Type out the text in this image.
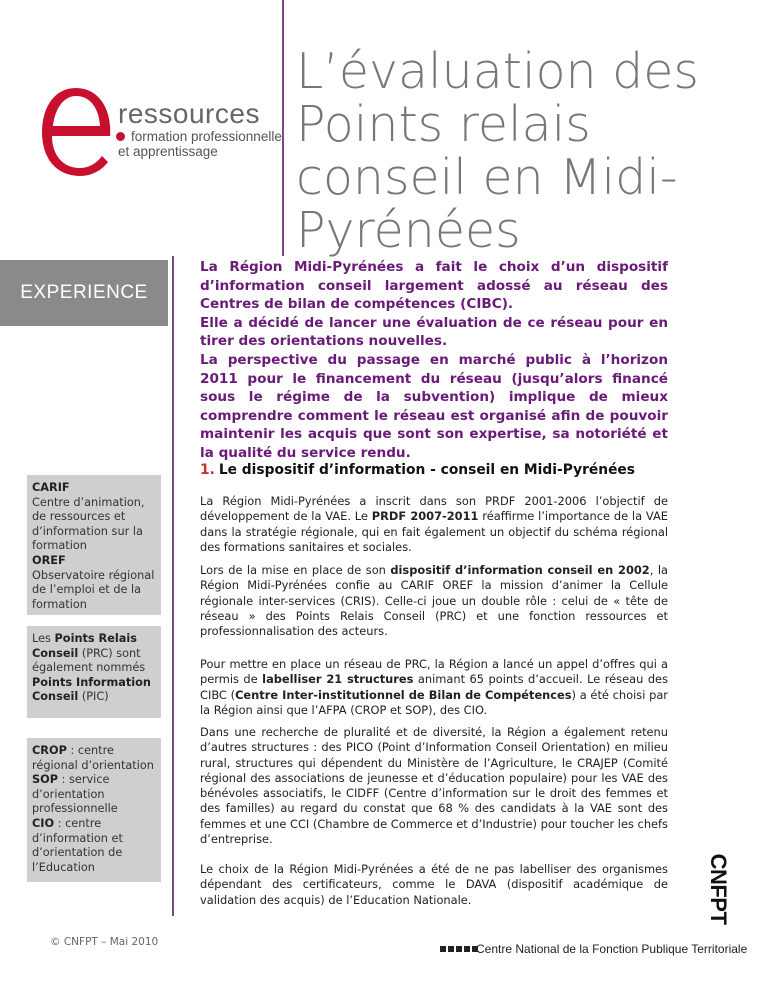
ressources
formation professionnelle
et apprentissage
L’évaluation des
Points relais
conseil en Midi-
Pyrénées
EXPERIENCE

La Région Midi-Pyrénées a fait le choix d’un dispositif d’information conseil largement adossé au réseau des Centres de bilan de compétences (CIBC).

Elle a décidé de lancer une évaluation de ce réseau pour en tirer des orientations nouvelles.

La perspective du passage en marché public à l’horizon 2011 pour le financement du réseau (jusqu’alors financé sous le régime de la subvention) implique de mieux comprendre comment le réseau est organisé afin de pouvoir maintenir les acquis que sont son expertise, sa notoriété et la qualité du service rendu.

CARIF
Centre d’animation, de ressources et d’information sur la formation
OREF
Observatoire régional de l’emploi et de la formation
Les Points Relais Conseil (PRC) sont également nommés Points Information Conseil (PIC)
CROP : centre régional d’orientation
SOP : service d’orientation professionnelle
CIO : centre d’information et d’orientation de l’Education
1. Le dispositif d’information - conseil en Midi-Pyrénées

La Région Midi-Pyrénées a inscrit dans son PRDF 2001-2006 l’objectif de développement de la VAE. Le PRDF 2007-2011 réaffirme l’importance de la VAE dans la stratégie régionale, qui en fait également un objectif du schéma régional des formations sanitaires et sociales.

Lors de la mise en place de son dispositif d’information conseil en 2002, la Région Midi-Pyrénées confie au CARIF OREF la mission d’animer la Cellule régionale inter-services (CRIS). Celle-ci joue un double rôle : celui de « tête de réseau » des Points Relais Conseil (PRC) et une fonction ressources et professionnalisation des acteurs.

Pour mettre en place un réseau de PRC, la Région a lancé un appel d’offres qui a permis de labelliser 21 structures animant 65 points d’accueil. Le réseau des CIBC (Centre Inter-institutionnel de Bilan de Compétences) a été choisi par la Région ainsi que l’AFPA (CROP et SOP), des CIO.

Dans une recherche de pluralité et de diversité, la Région a également retenu d’autres structures : des PICO (Point d’Information Conseil Orientation) en milieu rural, structures qui dépendent du Ministère de l’Agriculture, le CRAJEP (Comité régional des associations de jeunesse et d’éducation populaire) pour les VAE des bénévoles associatifs, le CIDFF (Centre d’information sur le droit des femmes et des familles) au regard du constat que 68 % des candidats à la VAE sont des femmes et une CCI (Chambre de Commerce et d’Industrie) pour toucher les chefs d’entreprise.

Le choix de la Région Midi-Pyrénées a été de ne pas labelliser des organismes dépendant des certificateurs, comme le DAVA (dispositif académique de validation des acquis) de l’Education Nationale.

© CNFPT – Mai 2010	Centre National de la Fonction Publique Territoriale
CNFPT
